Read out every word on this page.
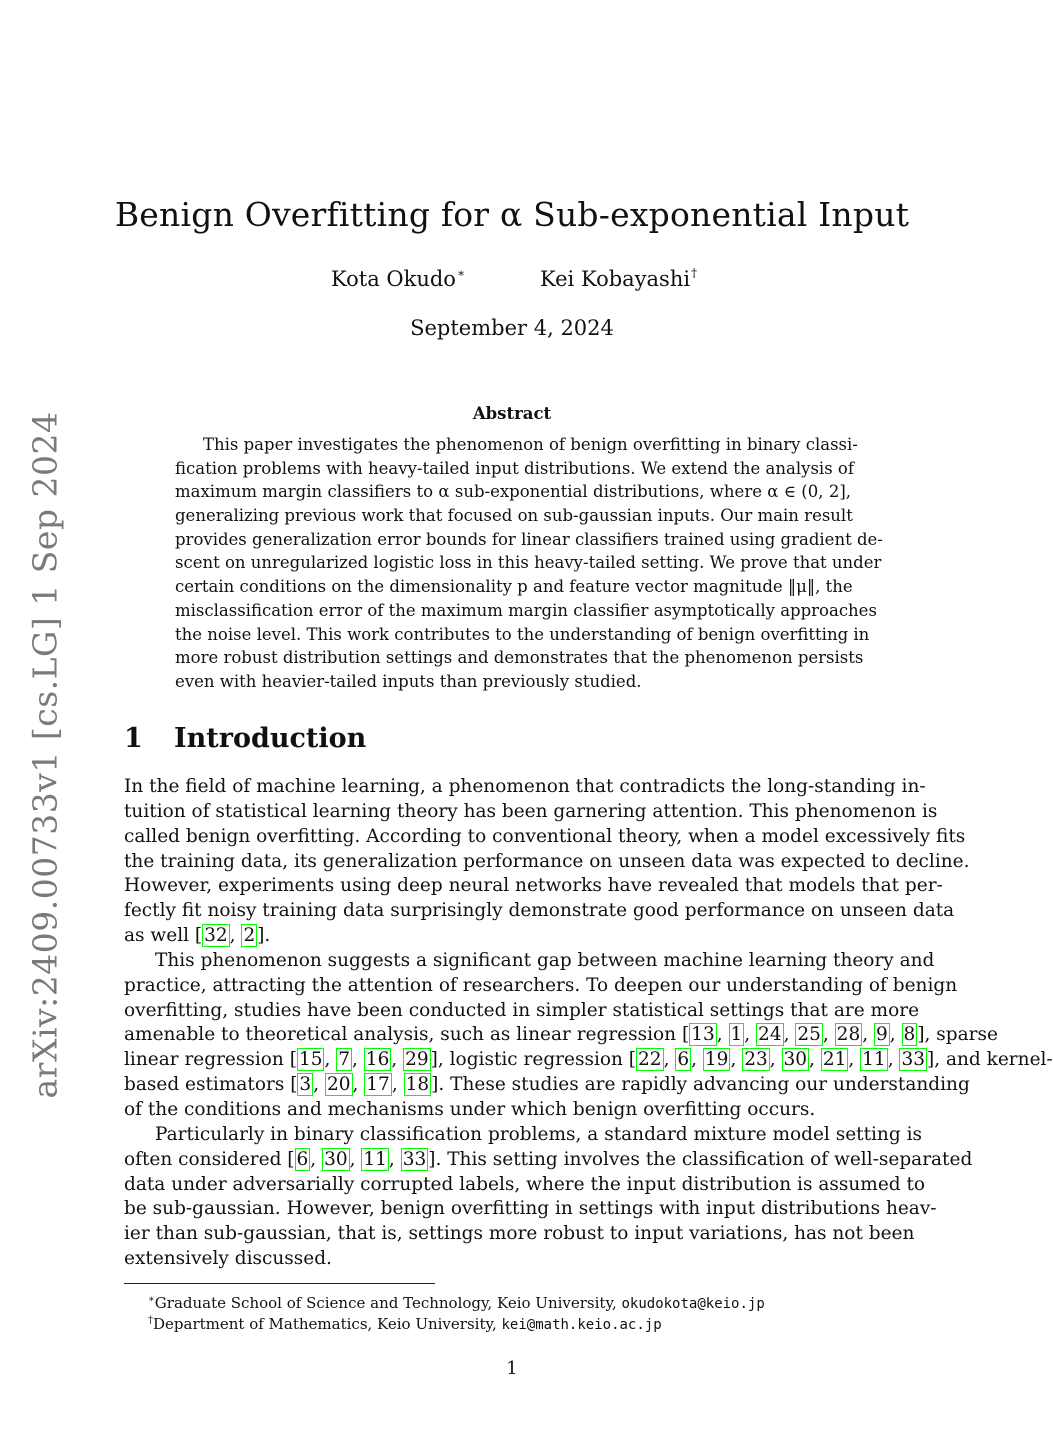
arXiv:2409.00733v1 [cs.LG] 1 Sep 2024
Benign Overfitting for α Sub-exponential Input
Kota Okudo∗	Kei Kobayashi†
September 4, 2024
Abstract
This paper investigates the phenomenon of benign overfitting in binary classi-
fication problems with heavy-tailed input distributions. We extend the analysis of
maximum margin classifiers to α sub-exponential distributions, where α ∈ (0, 2],
generalizing previous work that focused on sub-gaussian inputs. Our main result
provides generalization error bounds for linear classifiers trained using gradient de-
scent on unregularized logistic loss in this heavy-tailed setting. We prove that under
certain conditions on the dimensionality p and feature vector magnitude ‖μ‖, the
misclassification error of the maximum margin classifier asymptotically approaches
the noise level. This work contributes to the understanding of benign overfitting in
more robust distribution settings and demonstrates that the phenomenon persists
even with heavier-tailed inputs than previously studied.
1 Introduction
In the field of machine learning, a phenomenon that contradicts the long-standing in-
tuition of statistical learning theory has been garnering attention. This phenomenon is
called benign overfitting. According to conventional theory, when a model excessively fits
the training data, its generalization performance on unseen data was expected to decline.
However, experiments using deep neural networks have revealed that models that per-
fectly fit noisy training data surprisingly demonstrate good performance on unseen data
as well [ 32 , 2 ].
This phenomenon suggests a significant gap between machine learning theory and
practice, attracting the attention of researchers. To deepen our understanding of benign
overfitting, studies have been conducted in simpler statistical settings that are more
amenable to theoretical analysis, such as linear regression [ 13 , 1 , 24 , 25 , 28 , 9 , 8 ], sparse
linear regression [ 15 , 7 , 16 , 29 ], logistic regression [ 22 , 6 , 19 , 23 , 30 , 21 , 11 , 33 ], and kernel-
based estimators [ 3 , 20 , 17 , 18 ]. These studies are rapidly advancing our understanding
of the conditions and mechanisms under which benign overfitting occurs.
Particularly in binary classification problems, a standard mixture model setting is
often considered [ 6 , 30 , 11 , 33 ]. This setting involves the classification of well-separated
data under adversarially corrupted labels, where the input distribution is assumed to
be sub-gaussian. However, benign overfitting in settings with input distributions heav-
ier than sub-gaussian, that is, settings more robust to input variations, has not been
extensively discussed.
∗Graduate School of Science and Technology, Keio University, okudokota@keio.jp
†Department of Mathematics, Keio University, kei@math.keio.ac.jp
1
